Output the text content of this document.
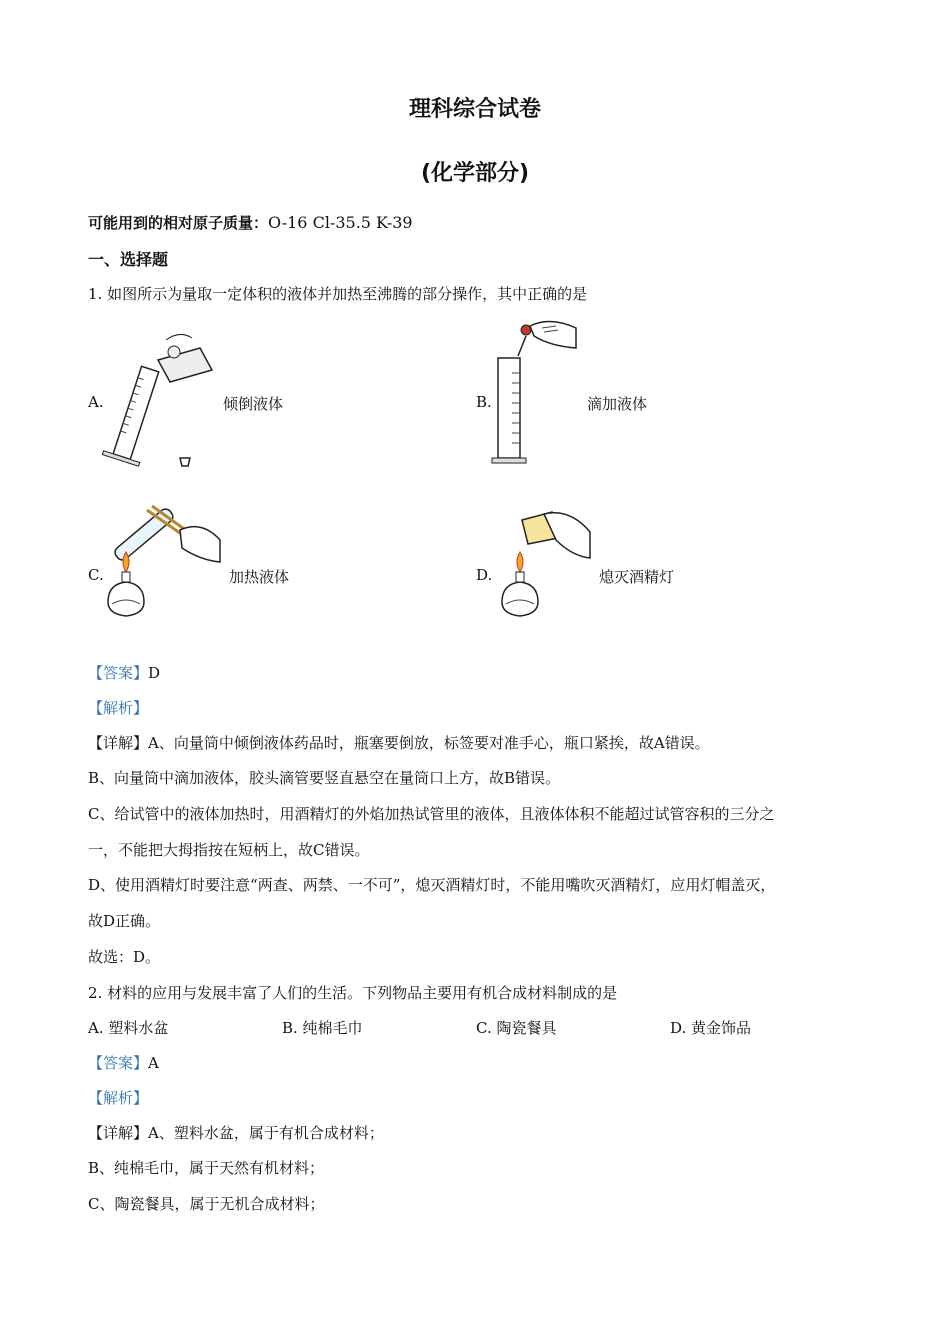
理科综合试卷
(化学部分)
可能用到的相对原子质量：O-16 Cl-35.5 K-39
一、选择题
1. 如图所示为量取一定体积的液体并加热至沸腾的部分操作，其中正确的是
A.	倾倒液体	B.	滴加液体
C.	加热液体	D.	熄灭酒精灯
【答案】D
【解析】
【详解】A、向量筒中倾倒液体药品时，瓶塞要倒放，标签要对准手心，瓶口紧挨，故A错误。
B、向量筒中滴加液体，胶头滴管要竖直悬空在量筒口上方，故B错误。
C、给试管中的液体加热时，用酒精灯的外焰加热试管里的液体，且液体体积不能超过试管容积的三分之
一，不能把大拇指按在短柄上，故C错误。
D、使用酒精灯时要注意“两查、两禁、一不可”，熄灭酒精灯时，不能用嘴吹灭酒精灯，应用灯帽盖灭，
故D正确。
故选：D。
2. 材料的应用与发展丰富了人们的生活。下列物品主要用有机合成材料制成的是
A. 塑料水盆	B. 纯棉毛巾	C. 陶瓷餐具	D. 黄金饰品
【答案】A
【解析】
【详解】A、塑料水盆，属于有机合成材料；
B、纯棉毛巾，属于天然有机材料；
C、陶瓷餐具，属于无机合成材料；
